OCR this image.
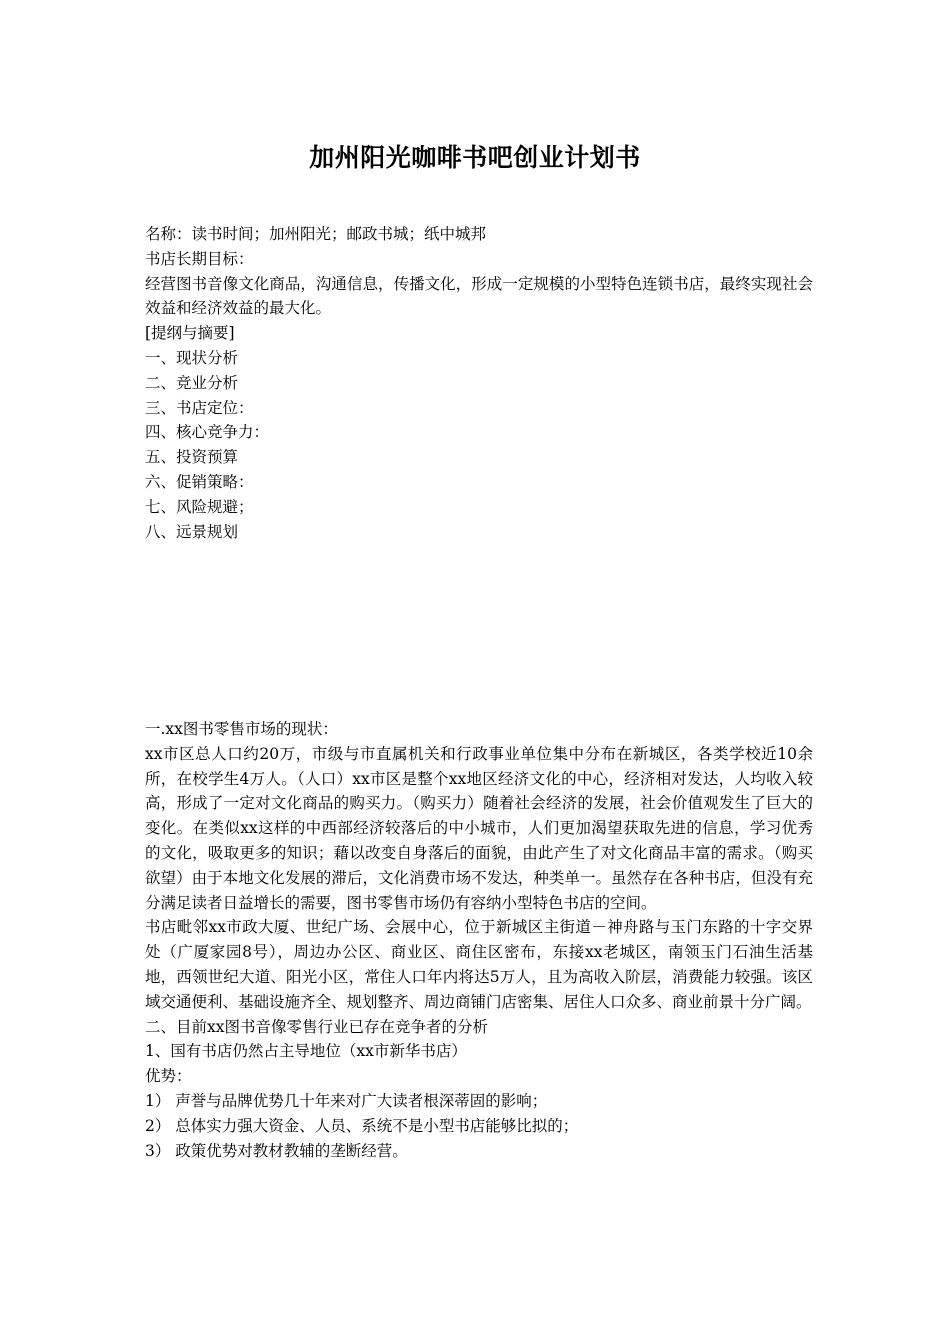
加州阳光咖啡书吧创业计划书

名称：读书时间；加州阳光；邮政书城；纸中城邦

书店长期目标：

经营图书音像文化商品，沟通信息，传播文化，形成一定规模的小型特色连锁书店，最终实现社会效益和经济效益的最大化。

[提纲与摘要]

一、现状分析

二、竞业分析

三、书店定位：

四、核心竞争力：

五、投资预算

六、促销策略：

七、风险规避；

八、远景规划

一.xx图书零售市场的现状：

xx市区总人口约20万，市级与市直属机关和行政事业单位集中分布在新城区，各类学校近10余所，在校学生4万人。（人口）xx市区是整个xx地区经济文化的中心，经济相对发达，人均收入较高，形成了一定对文化商品的购买力。（购买力）随着社会经济的发展，社会价值观发生了巨大的变化。在类似xx这样的中西部经济较落后的中小城市，人们更加渴望获取先进的信息，学习优秀的文化，吸取更多的知识；藉以改变自身落后的面貌，由此产生了对文化商品丰富的需求。（购买欲望）由于本地文化发展的滞后，文化消费市场不发达，种类单一。虽然存在各种书店，但没有充分满足读者日益增长的需要，图书零售市场仍有容纳小型特色书店的空间。

书店毗邻xx市政大厦、世纪广场、会展中心，位于新城区主街道－神舟路与玉门东路的十字交界处（广厦家园8号），周边办公区、商业区、商住区密布，东接xx老城区，南领玉门石油生活基地，西领世纪大道、阳光小区，常住人口年内将达5万人，且为高收入阶层，消费能力较强。该区域交通便利、基础设施齐全、规划整齐、周边商铺门店密集、居住人口众多、商业前景十分广阔。

二、目前xx图书音像零售行业已存在竞争者的分析

1、国有书店仍然占主导地位（xx市新华书店）

优势：

1） 声誉与品牌优势几十年来对广大读者根深蒂固的影响；

2） 总体实力强大资金、人员、系统不是小型书店能够比拟的；

3） 政策优势对教材教辅的垄断经营。
